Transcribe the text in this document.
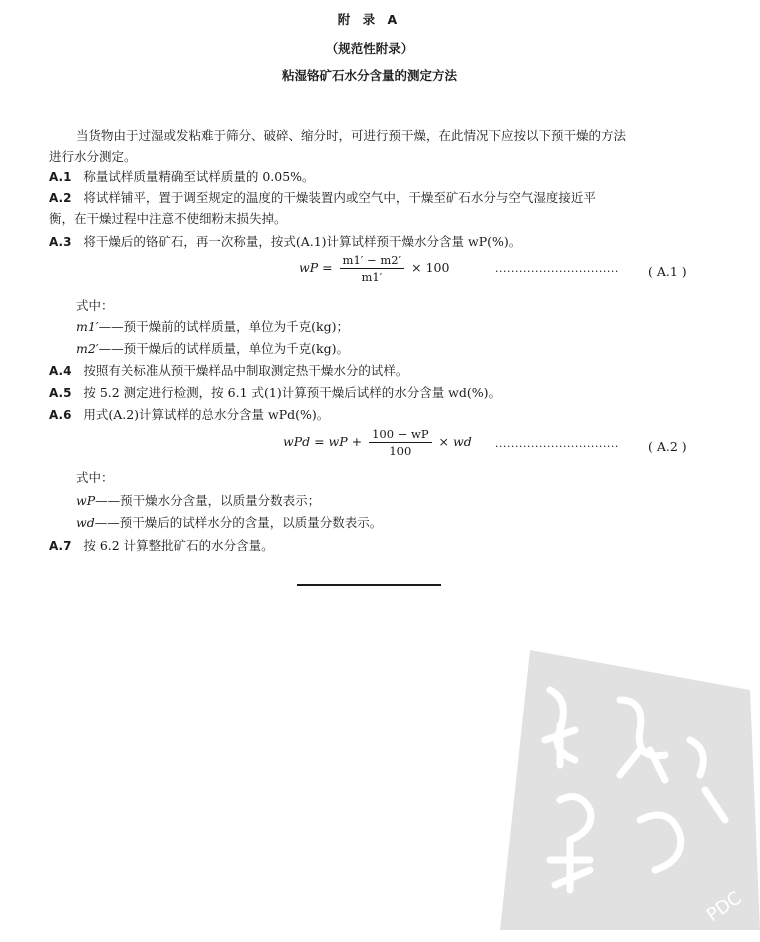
附 录 A
（规范性附录）
粘湿铬矿石水分含量的测定方法
当货物由于过湿或发粘难于筛分、破碎、缩分时，可进行预干燥，在此情况下应按以下预干燥的方法
进行水分测定。
A.1 称量试样质量精确至试样质量的 0.05%。
A.2 将试样铺平，置于调至规定的温度的干燥装置内或空气中，干燥至矿石水分与空气湿度接近平
衡，在干燥过程中注意不使细粉末损失掉。
A.3 将干燥后的铬矿石，再一次称量，按式(A.1)计算试样预干燥水分含量 wP(%)。
wP = $\frac{m1' - m2'}{m1'} \times 100$	······························· ( A.1 )
式中：
m1′——预干燥前的试样质量，单位为千克(kg)；
m2′——预干燥后的试样质量，单位为千克(kg)。
A.4 按照有关标准从预干燥样品中制取测定热干燥水分的试样。
A.5 按 5.2 测定进行检测，按 6.1 式(1)计算预干燥后试样的水分含量 wd(%)。
A.6 用式(A.2)计算试样的总水分含量 wPd(%)。
wPd = wP + $\frac{100 - wP}{100}$ × wd ······························· ( A.2 )
式中：
wP——预干燥水分含量，以质量分数表示；
wd——预干燥后的试样水分的含量，以质量分数表示。
A.7 按 6.2 计算整批矿石的水分含量。
PDC
